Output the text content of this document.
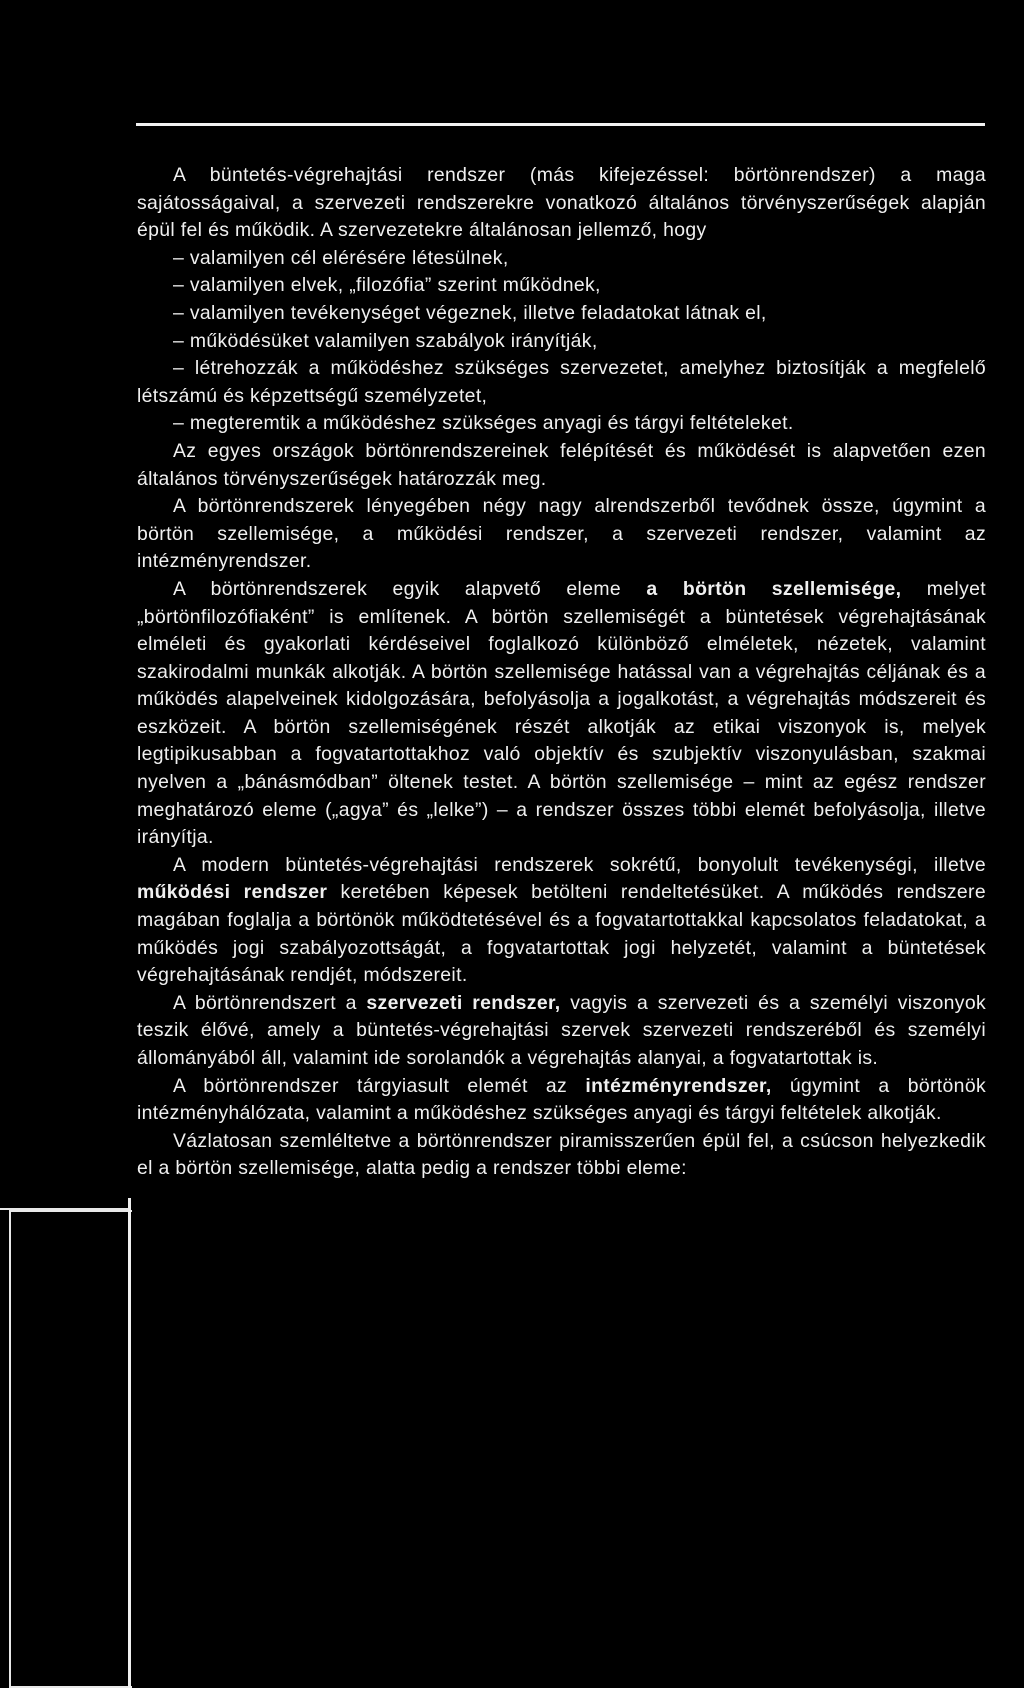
A büntetés-végrehajtási rendszer (más kifejezéssel: börtönrendszer) a maga sajátosságaival, a szervezeti rendszerekre vonatkozó általános törvényszerűségek alapján épül fel és működik. A szervezetekre általánosan jellemző, hogy

– valamilyen cél elérésére létesülnek,

– valamilyen elvek, „filozófia” szerint működnek,

– valamilyen tevékenységet végeznek, illetve feladatokat látnak el,

– működésüket valamilyen szabályok irányítják,

– létrehozzák a működéshez szükséges szervezetet, amelyhez biztosítják a megfelelő létszámú és képzettségű személyzetet,

– megteremtik a működéshez szükséges anyagi és tárgyi feltételeket.

Az egyes országok börtönrendszereinek felépítését és működését is alapvetően ezen általános törvényszerűségek határozzák meg.

A börtönrendszerek lényegében négy nagy alrendszerből tevődnek össze, úgymint a börtön szellemisége, a működési rendszer, a szervezeti rendszer, valamint az intézményrendszer.

A börtönrendszerek egyik alapvető eleme a börtön szellemisége, melyet „börtönfilozófiaként” is említenek. A börtön szellemiségét a büntetések végrehajtásának elméleti és gyakorlati kérdéseivel foglalkozó különböző elméletek, nézetek, valamint szakirodalmi munkák alkotják. A börtön szellemisége hatással van a végrehajtás céljának és a működés alapelveinek kidolgozására, befolyásolja a jogalkotást, a végrehajtás módszereit és eszközeit. A börtön szellemiségének részét alkotják az etikai viszonyok is, melyek legtipikusabban a fogvatartottakhoz való objektív és szubjektív viszonyulásban, szakmai nyelven a „bánásmódban” öltenek testet. A börtön szellemisége – mint az egész rendszer meghatározó eleme („agya” és „lelke”) – a rendszer összes többi elemét befolyásolja, illetve irányítja.

A modern büntetés-végrehajtási rendszerek sokrétű, bonyolult tevékenységi, illetve működési rendszer keretében képesek betölteni rendeltetésüket. A működés rendszere magában foglalja a börtönök működtetésével és a fogvatartottakkal kapcsolatos feladatokat, a működés jogi szabályozottságát, a fogvatartottak jogi helyzetét, valamint a büntetések végrehajtásának rendjét, módszereit.

A börtönrendszert a szervezeti rendszer, vagyis a szervezeti és a személyi viszonyok teszik élővé, amely a büntetés-végrehajtási szervek szervezeti rendszeréből és személyi állományából áll, valamint ide sorolandók a végrehajtás alanyai, a fogvatartottak is.

A börtönrendszer tárgyiasult elemét az intézményrendszer, úgymint a börtönök intézményhálózata, valamint a működéshez szükséges anyagi és tárgyi feltételek alkotják.

Vázlatosan szemléltetve a börtönrendszer piramisszerűen épül fel, a csúcson helyezkedik el a börtön szellemisége, alatta pedig a rendszer többi eleme:
